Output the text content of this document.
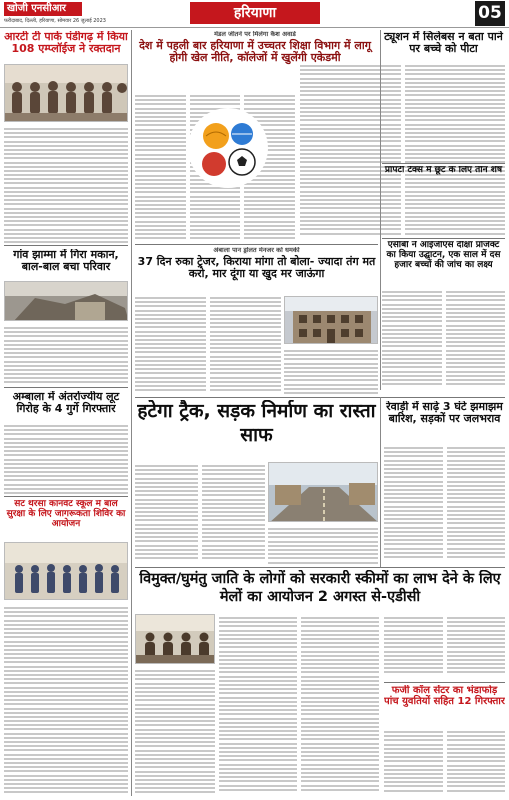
खोजी एनसीआर
फरीदाबाद, दिल्ली, हरियाणा, सोमवार 26 जुलाई 2023	हरियाणा	05
आरटी टी पार्क पंडीगढ़ में किया 108 एम्प्लॉईज ने रक्तदान
गांव झाम्मा में गिरा मकान, बाल-बाल बचा परिवार
अम्बाला में अंतर्राज्यीय लूट गिरोह के 4 गुर्गे गिरफ्तार
सैंट थेरसा कानवेंट स्कूल में बाल सुरक्षा के लिए जागरूकता शिविर का आयोजन
मेडल जीतने पर मिलेगा कैश अवार्ड
देश में पहली बार हरियाणा में उच्चतर शिक्षा विभाग में लागू होगी खेल नीति, कॉलेजों में खुलेंगी एकेडमी
ट्यूशन में सिलेबस न बता पाने पर बच्चे को पीटा
प्रॉपर्टी टैक्स में छूट के लिए तीन शेष
एसीबी ने आईजीएस दीक्षा प्रोजेक्ट का किया उद्घाटन, एक साल में दस हजार बच्चों की जांच का लक्ष्य
अंबाला पान ड्रोलत मेनजर को धमकी
37 दिन रुका ट्रेजर, किराया मांगा तो बोला- ज्यादा तंग मत करो, मार दूंगा या खुद मर जाऊंगा
हटेगा ट्रैक, सड़क निर्माण का रास्ता साफ
रेवाड़ी में साढ़े 3 घंटे झमाझम बारिश, सड़कों पर जलभराव
विमुक्त/घुमंतु जाति के लोगों को सरकारी स्कीमों का लाभ देने के लिए मेलों का आयोजन 2 अगस्त से-एडीसी
फर्जी कॉल सेंटर का भंडाफोड़ पांच युवतियों सहित 12 गिरफ्तार
